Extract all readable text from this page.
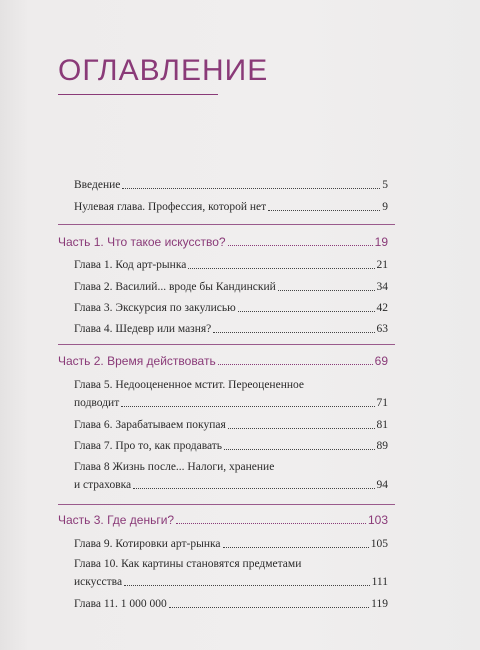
ОГЛАВЛЕНИЕ
Введение	5
Нулевая глава. Профессия, которой нет	9
Часть 1. Что такое искусство?	19
Глава 1. Код арт-рынка	21
Глава 2. Василий... вроде бы Кандинский	34
Глава 3. Экскурсия по закулисью	42
Глава 4. Шедевр или мазня?	63
Часть 2. Время действовать	69
Глава 5. Недооцененное мстит. Переоцененное
подводит	71
Глава 6. Зарабатываем покупая	81
Глава 7. Про то, как продавать	89
Глава 8 Жизнь после... Налоги, хранение
и страховка	94
Часть 3. Где деньги?	103
Глава 9. Котировки арт-рынка	105
Глава 10. Как картины становятся предметами
искусства	111
Глава 11. 1 000 000	119
